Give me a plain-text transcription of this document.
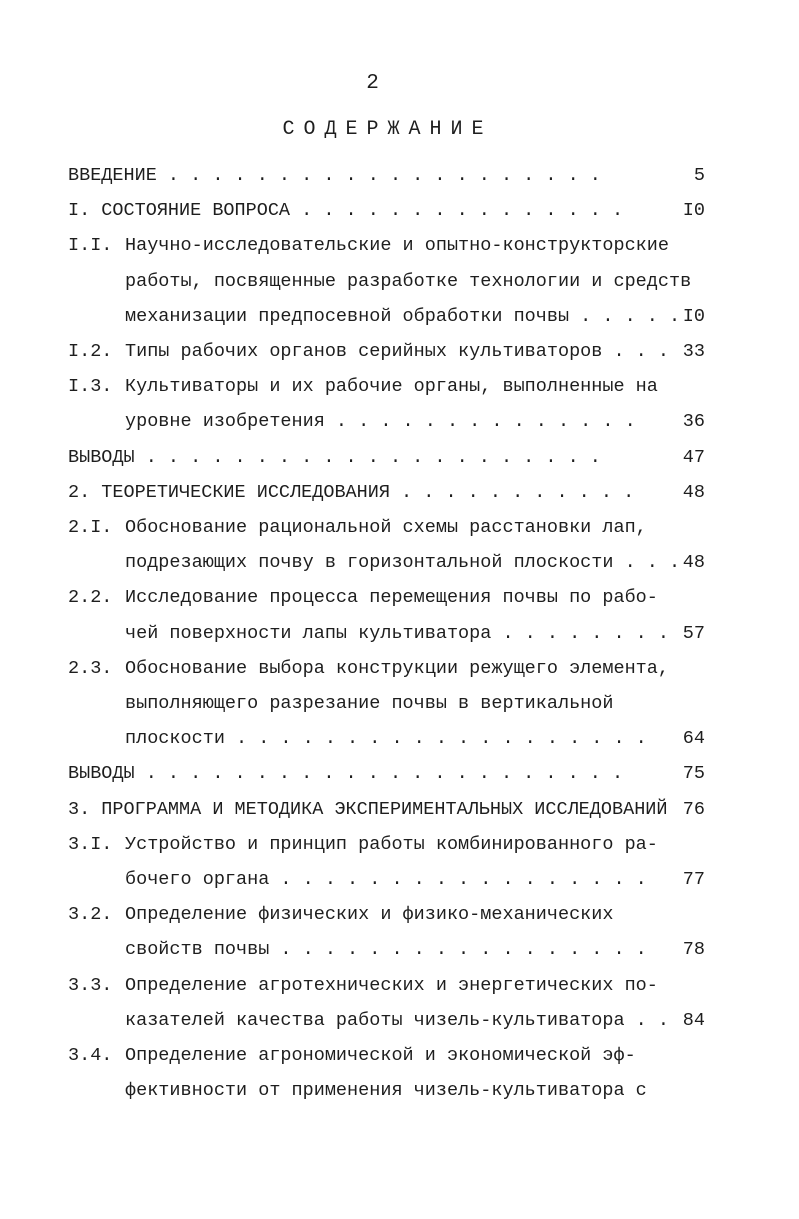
2
СОДЕРЖАНИЕ
ВВЕДЕНИЕ . . . . . . . . . . . . . . . . . . . .	5
I. СОСТОЯНИЕ ВОПРОСА . . . . . . . . . . . . . . .	I0
I.I. Научно-исследовательские и опытно-конструкторские
работы, посвященные разработке технологии и средств
механизации предпосевной обработки почвы . . . . . I0
I.2. Типы рабочих органов серийных культиваторов . . . 33
I.3. Культиваторы и их рабочие органы, выполненные на
уровне изобретения . . . . . . . . . . . . . .	36
ВЫВОДЫ . . . . . . . . . . . . . . . . . . . . .	47
2. ТЕОРЕТИЧЕСКИЕ ИССЛЕДОВАНИЯ . . . . . . . . . . .	48
2.I. Обоснование рациональной схемы расстановки лап,
подрезающих почву в горизонтальной плоскости . . . 48
2.2. Исследование процесса перемещения почвы по рабо-
чей поверхности лапы культиватора . . . . . . . . 57
2.3. Обоснование выбора конструкции режущего элемента,
выполняющего разрезание почвы в вертикальной
плоскости . . . . . . . . . . . . . . . . . . . 64
ВЫВОДЫ . . . . . . . . . . . . . . . . . . . . . .	75
3. ПРОГРАММА И МЕТОДИКА ЭКСПЕРИМЕНТАЛЬНЫХ ИССЛЕДОВАНИЙ 76
3.I. Устройство и принцип работы комбинированного ра-
бочего органа . . . . . . . . . . . . . . . . . 77
3.2. Определение физических и физико-механических
свойств почвы . . . . . . . . . . . . . . . . . 78
3.3. Определение агротехнических и энергетических по-
казателей качества работы чизель-культиватора . . 84
3.4. Определение агрономической и экономической эф-
фективности от применения чизель-культиватора с
